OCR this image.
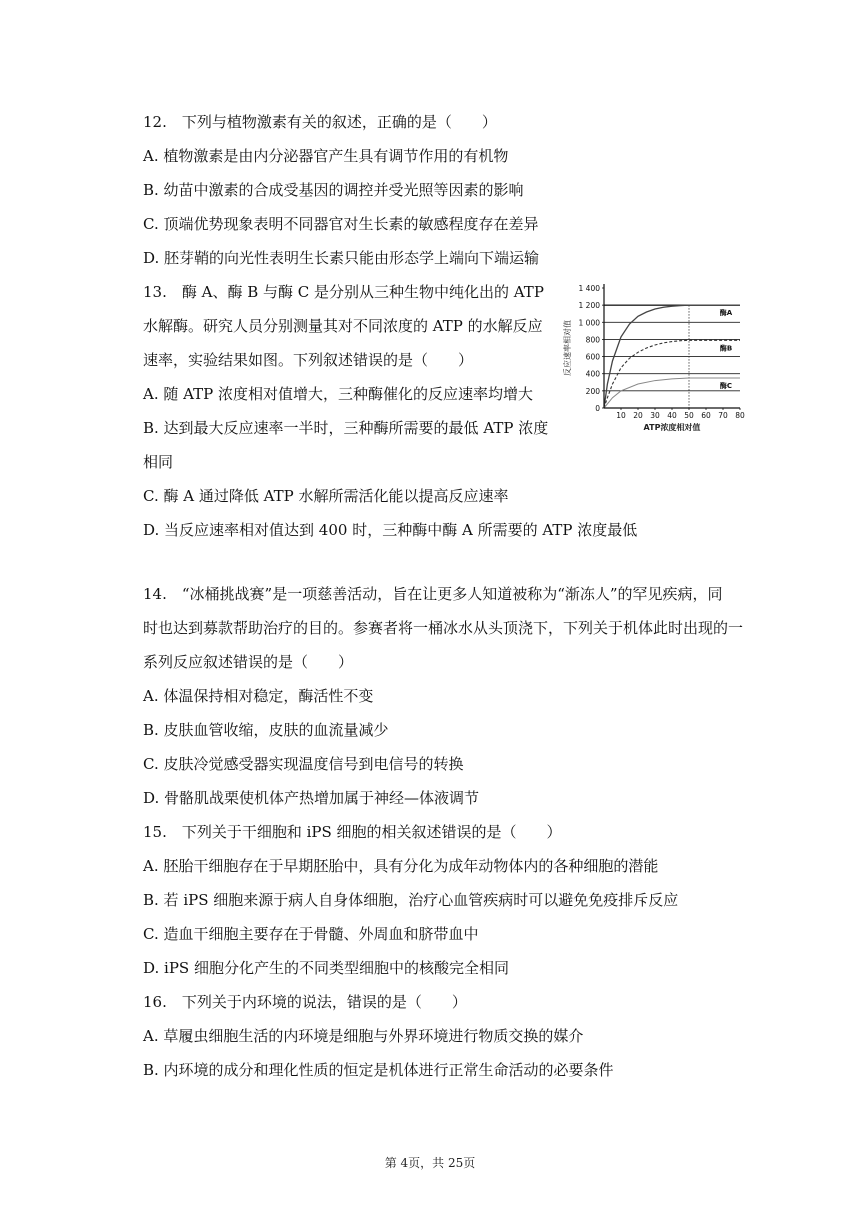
12.　下列与植物激素有关的叙述，正确的是（　　）
A. 植物激素是由内分泌器官产生具有调节作用的有机物
B. 幼苗中激素的合成受基因的调控并受光照等因素的影响
C. 顶端优势现象表明不同器官对生长素的敏感程度存在差异
D. 胚芽鞘的向光性表明生长素只能由形态学上端向下端运输
13.　酶 A、酶 B 与酶 C 是分别从三种生物中纯化出的 ATP
水解酶。研究人员分别测量其对不同浓度的 ATP 的水解反应
速率，实验结果如图。下列叙述错误的是（　　）
A. 随 ATP 浓度相对值增大，三种酶催化的反应速率均增大
B. 达到最大反应速率一半时，三种酶所需要的最低 ATP 浓度
相同
C. 酶 A 通过降低 ATP 水解所需活化能以提高反应速率
D. 当反应速率相对值达到 400 时，三种酶中酶 A 所需要的 ATP 浓度最低
0
200
400
600
800
1 000
1 200
1 400
10 20 30 40 50 60 70 80
酶A
酶B
酶C
反应速率相对值
ATP浓度相对值
14.　“冰桶挑战赛”是一项慈善活动，旨在让更多人知道被称为“渐冻人”的罕见疾病，同
时也达到募款帮助治疗的目的。参赛者将一桶冰水从头顶浇下，下列关于机体此时出现的一
系列反应叙述错误的是（　　）
A. 体温保持相对稳定，酶活性不变
B. 皮肤血管收缩，皮肤的血流量减少
C. 皮肤冷觉感受器实现温度信号到电信号的转换
D. 骨骼肌战栗使机体产热增加属于神经—体液调节
15.　下列关于干细胞和 iPS 细胞的相关叙述错误的是（　　）
A. 胚胎干细胞存在于早期胚胎中，具有分化为成年动物体内的各种细胞的潜能
B. 若 iPS 细胞来源于病人自身体细胞，治疗心血管疾病时可以避免免疫排斥反应
C. 造血干细胞主要存在于骨髓、外周血和脐带血中
D. iPS 细胞分化产生的不同类型细胞中的核酸完全相同
16.　下列关于内环境的说法，错误的是（　　）
A. 草履虫细胞生活的内环境是细胞与外界环境进行物质交换的媒介
B. 内环境的成分和理化性质的恒定是机体进行正常生命活动的必要条件
第 4页，共 25页
